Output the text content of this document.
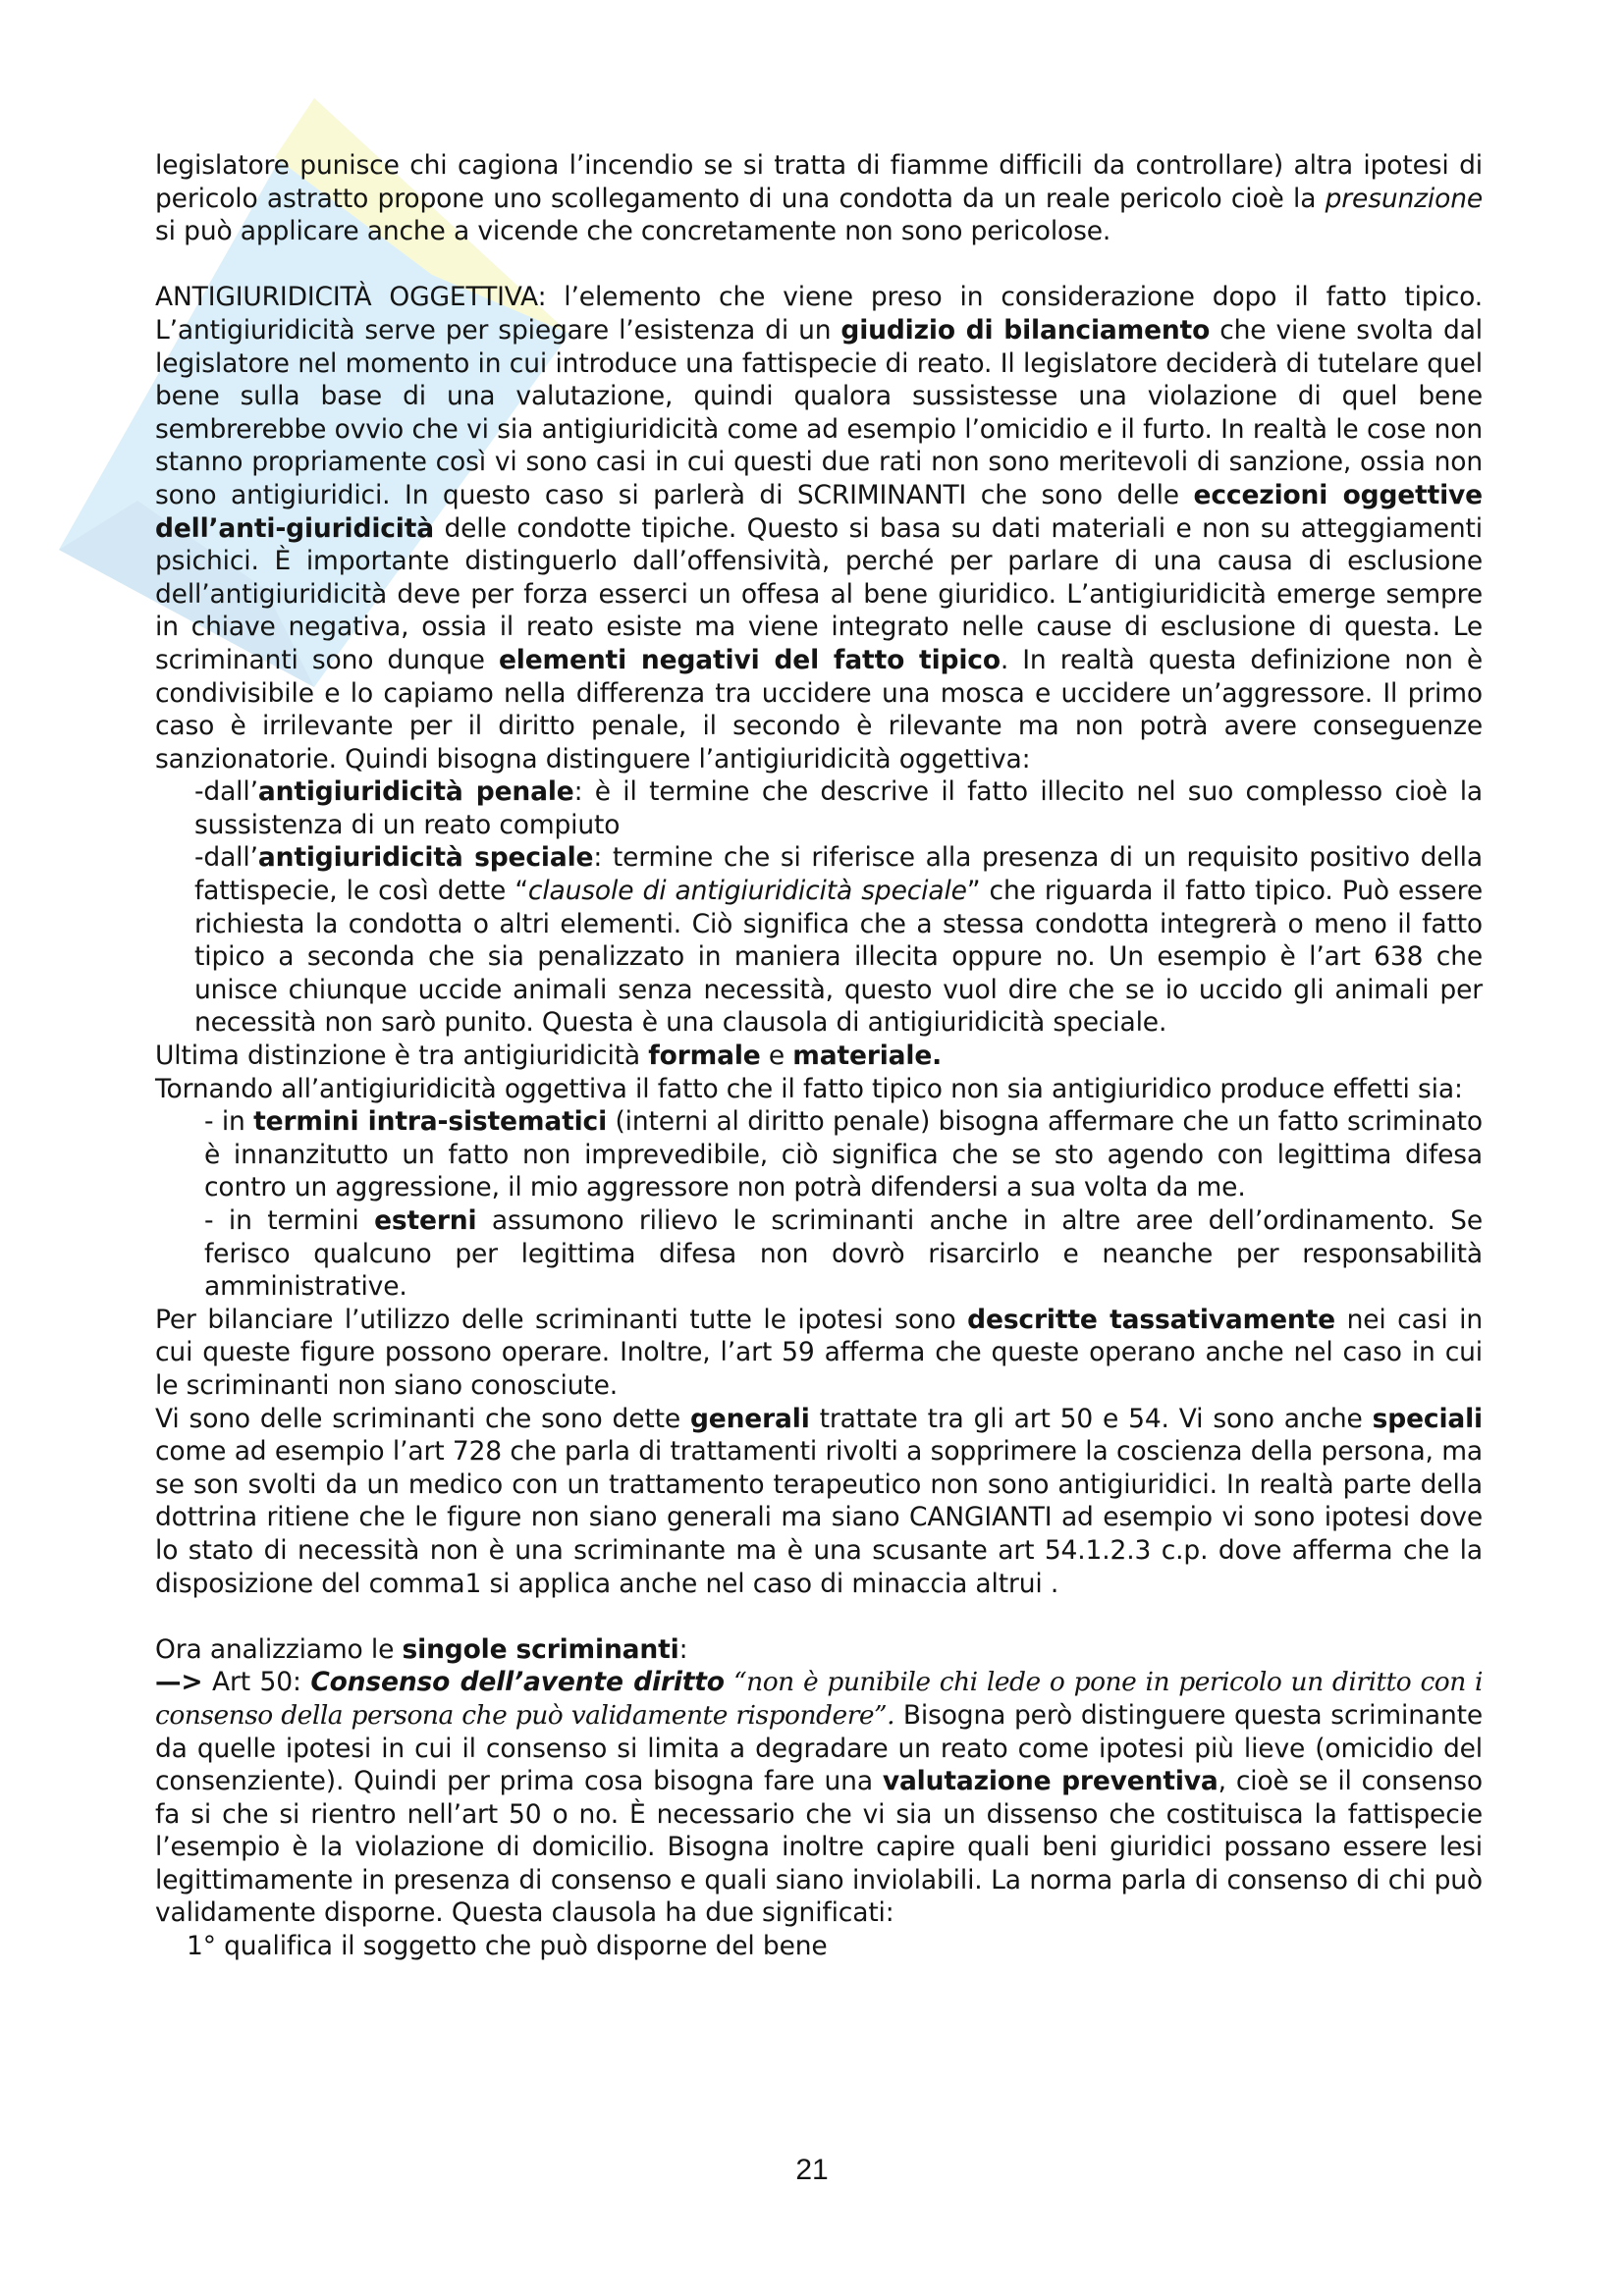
legislatore punisce chi cagiona l’incendio se si tratta di fiamme difficili da controllare) altra ipotesi di pericolo astratto propone uno scollegamento di una condotta da un reale pericolo cioè la presunzione si può applicare anche a vicende che concretamente non sono pericolose.

ANTIGIURIDICITÀ OGGETTIVA: l’elemento che viene preso in considerazione dopo il fatto tipico. L’antigiuridicità serve per spiegare l’esistenza di un giudizio di bilanciamento che viene svolta dal legislatore nel momento in cui introduce una fattispecie di reato. Il legislatore deciderà di tutelare quel bene sulla base di una valutazione, quindi qualora sussistesse una violazione di quel bene sembrerebbe ovvio che vi sia antigiuridicità come ad esempio l’omicidio e il furto. In realtà le cose non stanno propriamente così vi sono casi in cui questi due rati non sono meritevoli di sanzione, ossia non sono antigiuridici. In questo caso si parlerà di SCRIMINANTI che sono delle eccezioni oggettive dell’anti-giuridicità delle condotte tipiche. Questo si basa su dati materiali e non su atteggiamenti psichici. È importante distinguerlo dall’offensività, perché per parlare di una causa di esclusione dell’antigiuridicità deve per forza esserci un offesa al bene giuridico. L’antigiuridicità emerge sempre in chiave negativa, ossia il reato esiste ma viene integrato nelle cause di esclusione di questa. Le scriminanti sono dunque elementi negativi del fatto tipico. In realtà questa definizione non è condivisibile e lo capiamo nella differenza tra uccidere una mosca e uccidere un’aggressore. Il primo caso è irrilevante per il diritto penale, il secondo è rilevante ma non potrà avere conseguenze sanzionatorie. Quindi bisogna distinguere l’antigiuridicità oggettiva:

-dall’antigiuridicità penale: è il termine che descrive il fatto illecito nel suo complesso cioè la sussistenza di un reato compiuto

-dall’antigiuridicità speciale: termine che si riferisce alla presenza di un requisito positivo della fattispecie, le così dette “clausole di antigiuridicità speciale” che riguarda il fatto tipico. Può essere richiesta la condotta o altri elementi. Ciò significa che a stessa condotta integrerà o meno il fatto tipico a seconda che sia penalizzato in maniera illecita oppure no. Un esempio è l’art 638 che unisce chiunque uccide animali senza necessità, questo vuol dire che se io uccido gli animali per necessità non sarò punito. Questa è una clausola di antigiuridicità speciale.

Ultima distinzione è tra antigiuridicità formale e materiale.

Tornando all’antigiuridicità oggettiva il fatto che il fatto tipico non sia antigiuridico produce effetti sia:

- in termini intra-sistematici (interni al diritto penale) bisogna affermare che un fatto scriminato è innanzitutto un fatto non imprevedibile, ciò significa che se sto agendo con legittima difesa contro un aggressione, il mio aggressore non potrà difendersi a sua volta da me.

- in termini esterni assumono rilievo le scriminanti anche in altre aree dell’ordinamento. Se ferisco qualcuno per legittima difesa non dovrò risarcirlo e neanche per responsabilità amministrative.

Per bilanciare l’utilizzo delle scriminanti tutte le ipotesi sono descritte tassativamente nei casi in cui queste figure possono operare. Inoltre, l’art 59 afferma che queste operano anche nel caso in cui le scriminanti non siano conosciute.

Vi sono delle scriminanti che sono dette generali trattate tra gli art 50 e 54. Vi sono anche speciali come ad esempio l’art 728 che parla di trattamenti rivolti a sopprimere la coscienza della persona, ma se son svolti da un medico con un trattamento terapeutico non sono antigiuridici. In realtà parte della dottrina ritiene che le figure non siano generali ma siano CANGIANTI ad esempio vi sono ipotesi dove lo stato di necessità non è una scriminante ma è una scusante art 54.1.2.3 c.p. dove afferma che la disposizione del comma1 si applica anche nel caso di minaccia altrui .

Ora analizziamo le singole scriminanti:

—> Art 50: Consenso dell’avente diritto “non è punibile chi lede o pone in pericolo un diritto con i consenso della persona che può validamente rispondere”. Bisogna però distinguere questa scriminante da quelle ipotesi in cui il consenso si limita a degradare un reato come ipotesi più lieve (omicidio del consenziente). Quindi per prima cosa bisogna fare una valutazione preventiva, cioè se il consenso fa si che si rientro nell’art 50 o no. È necessario che vi sia un dissenso che costituisca la fattispecie l’esempio è la violazione di domicilio. Bisogna inoltre capire quali beni giuridici possano essere lesi legittimamente in presenza di consenso e quali siano inviolabili. La norma parla di consenso di chi può validamente disporne. Questa clausola ha due significati:

1° qualifica il soggetto che può disporne del bene

21
